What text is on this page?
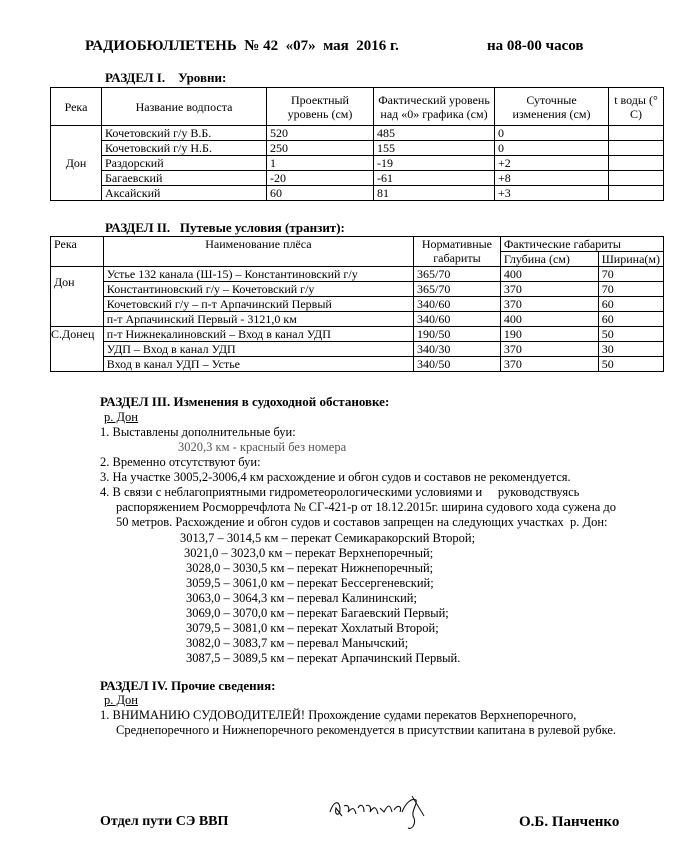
РАДИОБЮЛЛЕТЕНЬ  № 42  «07»  мая  2016 г.	на 08-00 часов
РАЗДЕЛ I.    Уровни:
Река	Название водпоста	Проектный уровень (см)	Фактический уровень над «0» графика (см)	Суточные изменения (см)	t воды (° С)
Дон	Кочетовский г/у В.Б.	520	485	0	
	Кочетовский г/у Н.Б.	250	155	0	
	Раздорский	1	-19	+2	
	Багаевский	-20	-61	+8	
	Аксайский	60	81	+3	
РАЗДЕЛ II.   Путевые условия (транзит):
Река	Наименование плёса	Нормативные габариты	Фактические габариты	
			Глубина (см)	Ширина(м)
Дон	Устье 132 канала (Ш-15) – Константиновский г/у	365/70	400	70
	Константиновский г/у – Кочетовский г/у	365/70	370	70
	Кочетовский г/у – п-т Арпачинский Первый	340/60	370	60
	п-т Арпачинский Первый - 3121,0 км	340/60	400	60
С.Донец	п-т Нижнекалиновский – Вход в канал УДП	190/50	190	50
	УДП – Вход в канал УДП	340/30	370	30
	Вход в канал УДП – Устье	340/50	370	50
РАЗДЕЛ III. Изменения в судоходной обстановке:
р. Дон
1. Выставлены дополнительные буи:
3020,3 км - красный без номера
2. Временно отсутствуют буи:
3. На участке 3005,2-3006,4 км расхождение и обгон судов и составов не рекомендуется.
4. В связи с неблагоприятными гидрометеорологическими условиями и     руководствуясь
распоряжением Росморречфлота № СГ-421-р от 18.12.2015г. ширина судового хода сужена до
50 метров. Расхождение и обгон судов и составов запрещен на следующих участках  р. Дон:
3013,7 – 3014,5 км – перекат Семикаракорский Второй;
3021,0 – 3023,0 км – перекат Верхнепоречный;
3028,0 – 3030,5 км – перекат Нижнепоречный;
3059,5 – 3061,0 км – перекат Бессергеневский;
3063,0 – 3064,3 км – перевал Калининский;
3069,0 – 3070,0 км – перекат Багаевский Первый;
3079,5 – 3081,0 км – перекат Хохлатый Второй;
3082,0 – 3083,7 км – перевал Манычский;
3087,5 – 3089,5 км – перекат Арпачинский Первый.
РАЗДЕЛ IV. Прочие сведения:
р. Дон
1. ВНИМАНИЮ СУДОВОДИТЕЛЕЙ! Прохождение судами перекатов Верхнепоречного,
Среднепоречного и Нижнепоречного рекомендуется в присутствии капитана в рулевой рубке.
Отдел пути СЭ ВВП	О.Б. Панченко
